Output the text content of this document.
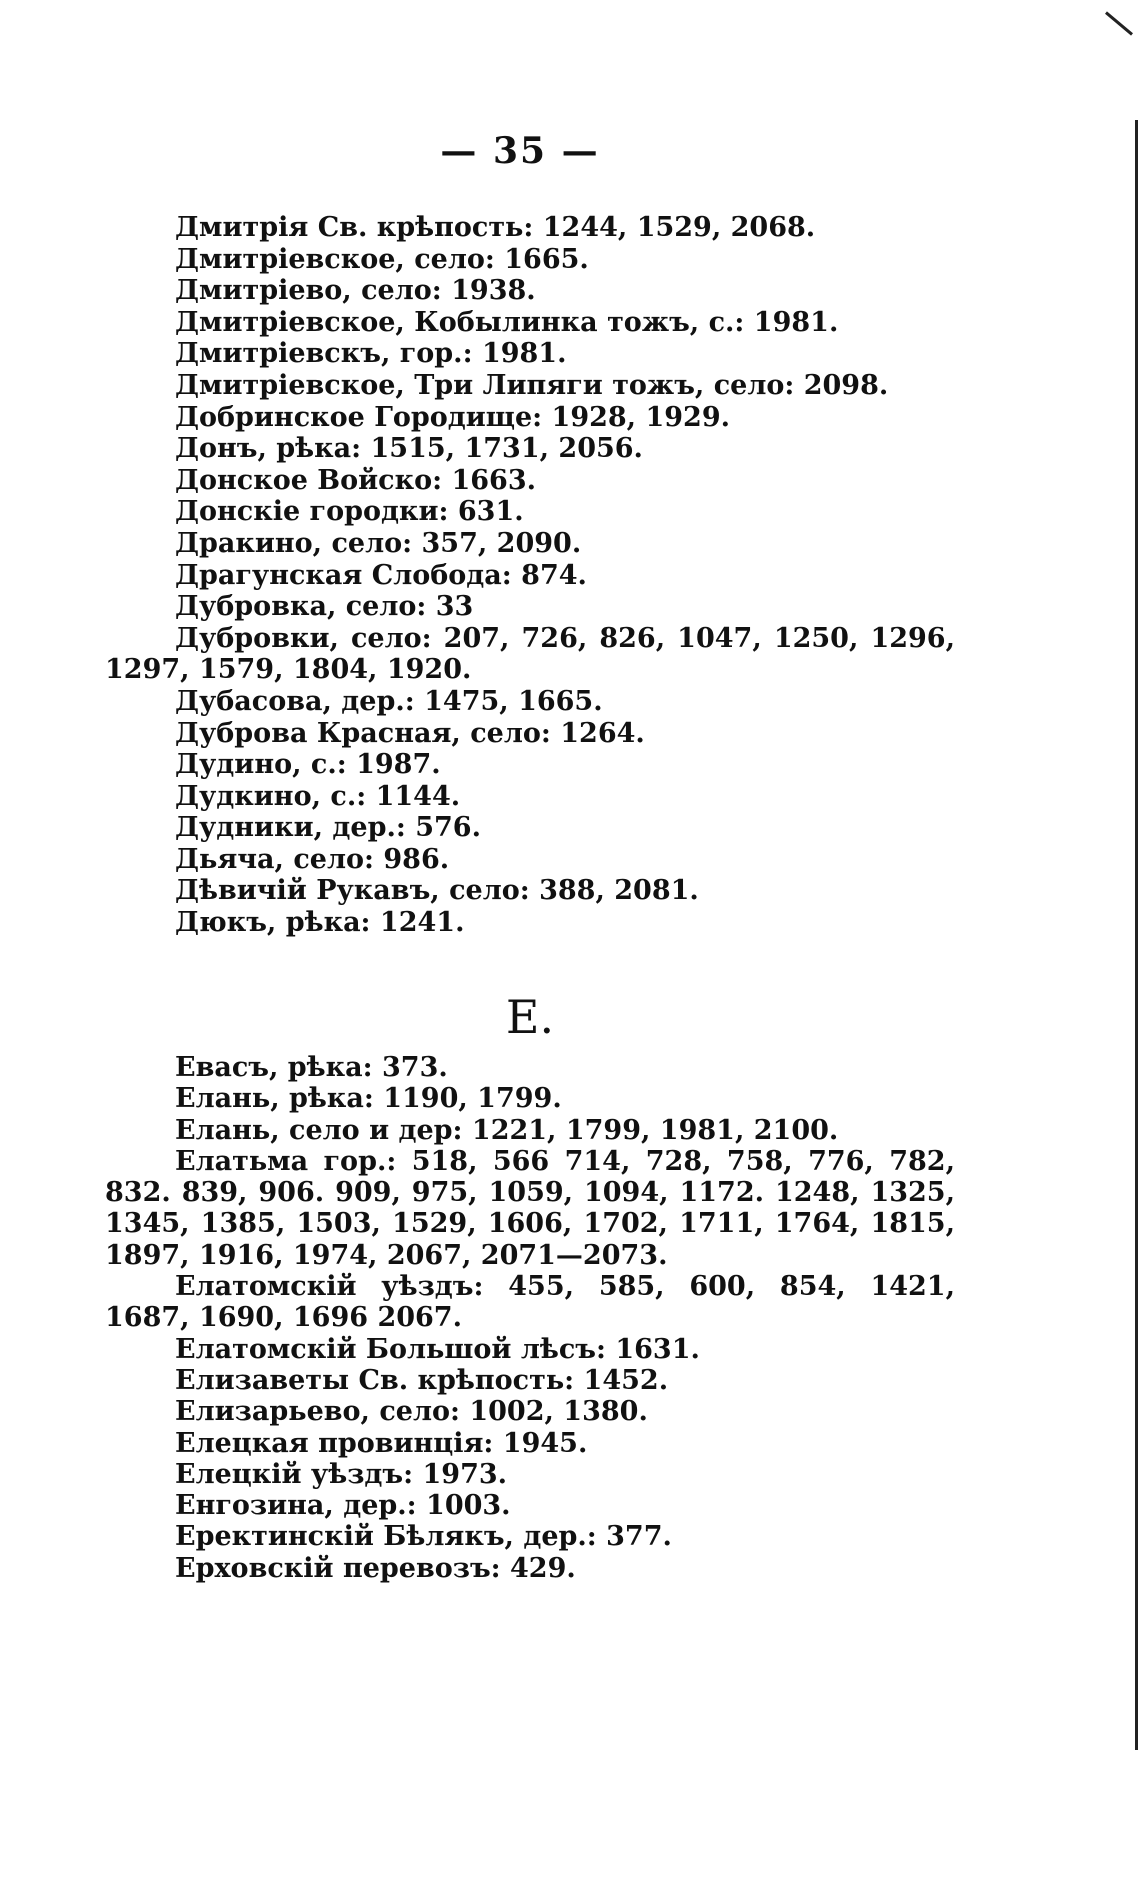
— 35 —
Дмитрія Св. крѣпость: 1244, 1529, 2068.
Дмитріевское, село: 1665.
Дмитріево, село: 1938.
Дмитріевское, Кобылинка тожъ, с.: 1981.
Дмитріевскъ, гор.: 1981.
Дмитріевское, Три Липяги тожъ, село: 2098.
Добринское Городище: 1928, 1929.
Донъ, рѣка: 1515, 1731, 2056.
Донское Войско: 1663.
Донскіе городки: 631.
Дракино, село: 357, 2090.
Драгунская Слобода: 874.
Дубровка, село: 33
Дубровки, село: 207, 726, 826, 1047, 1250, 1296, 1297, 1579, 1804, 1920.
Дубасова, дер.: 1475, 1665.
Дуброва Красная, село: 1264.
Дудино, с.: 1987.
Дудкино, с.: 1144.
Дудники, дер.: 576.
Дьяча, село: 986.
Дѣвичій Рукавъ, село: 388, 2081.
Дюкъ, рѣка: 1241.
Е.
Евасъ, рѣка: 373.
Елань, рѣка: 1190, 1799.
Елань, село и дер: 1221, 1799, 1981, 2100.
Елатьма гор.: 518, 566 714, 728, 758, 776, 782, 832. 839, 906. 909, 975, 1059, 1094, 1172. 1248, 1325, 1345, 1385, 1503, 1529, 1606, 1702, 1711, 1764, 1815, 1897, 1916, 1974, 2067, 2071—2073.
Елатомскій уѣздъ: 455, 585, 600, 854, 1421, 1687, 1690, 1696 2067.
Елатомскій Большой лѣсъ: 1631.
Елизаветы Св. крѣпость: 1452.
Елизарьево, село: 1002, 1380.
Елецкая провинція: 1945.
Елецкій уѣздъ: 1973.
Енгозина, дер.: 1003.
Еректинскій Бѣлякъ, дер.: 377.
Ерховскій перевозъ: 429.
